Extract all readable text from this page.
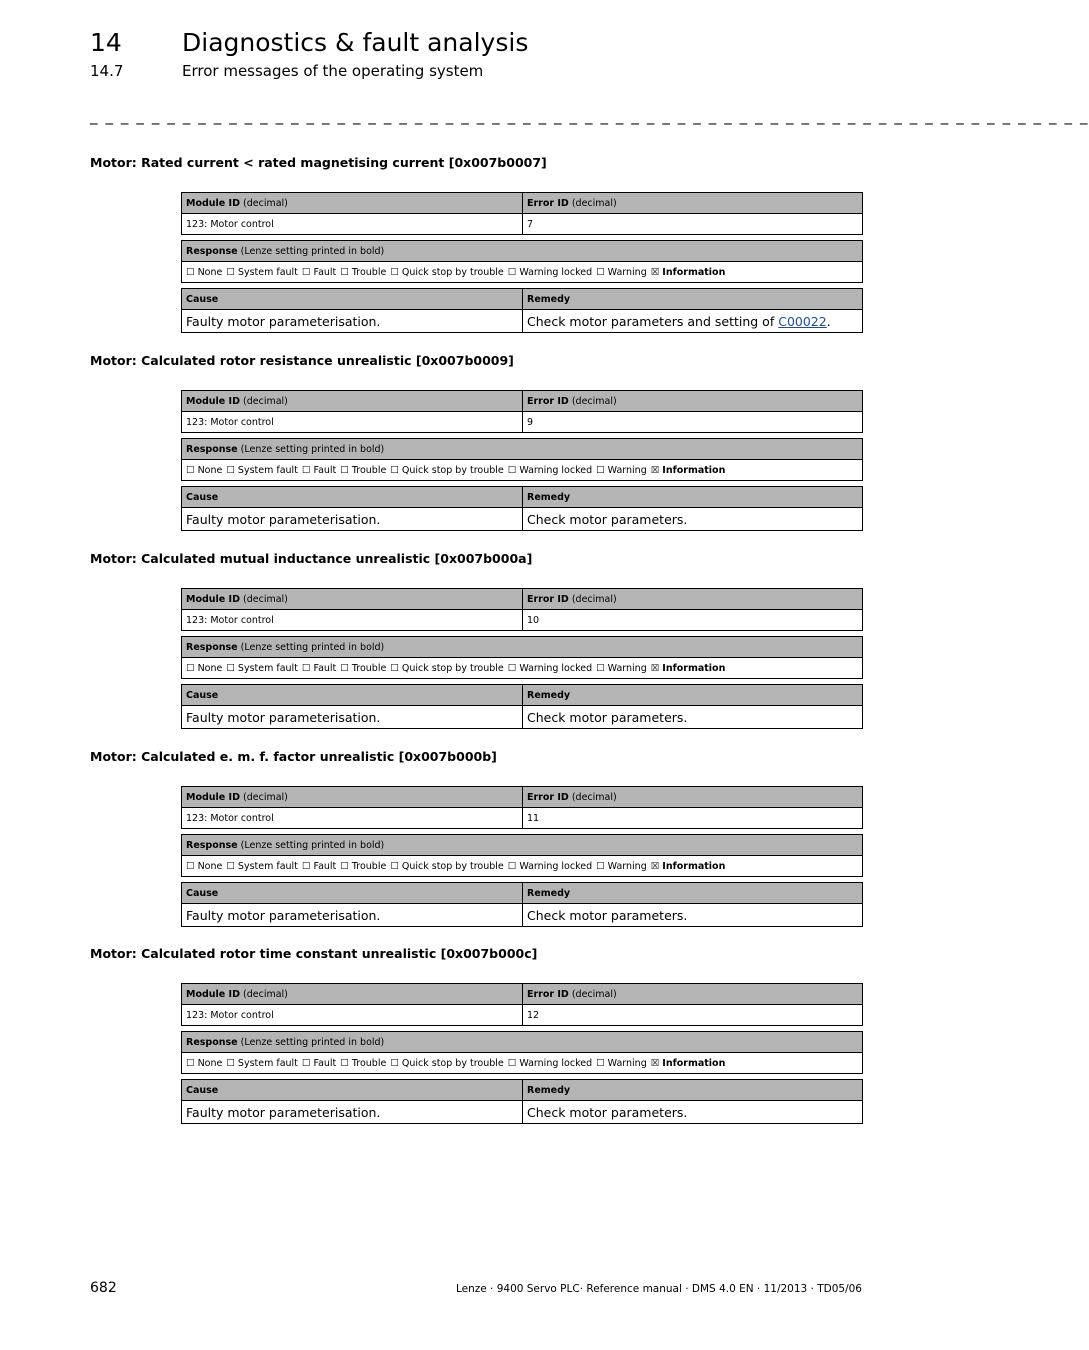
14 Diagnostics & fault analysis
14.7	Error messages of the operating system
_ _ _ _ _ _ _ _ _ _ _ _ _ _ _ _ _ _ _ _ _ _ _ _ _ _ _ _ _ _ _ _ _ _ _ _ _ _ _ _ _ _ _ _ _ _ _ _ _ _ _ _ _ _ _ _ _ _ _ _ _ _ _ _ _
Motor: Rated current < rated magnetising current [0x007b0007]
Module ID (decimal)	Error ID (decimal)
123: Motor control	7
Response (Lenze setting printed in bold)
☐ None ☐ System fault ☐ Fault ☐ Trouble ☐ Quick stop by trouble ☐ Warning locked ☐ Warning ☒ Information
Cause	Remedy
Faulty motor parameterisation.	Check motor parameters and setting of C00022.
Motor: Calculated rotor resistance unrealistic [0x007b0009]
Module ID (decimal)	Error ID (decimal)
123: Motor control	9
Response (Lenze setting printed in bold)
☐ None ☐ System fault ☐ Fault ☐ Trouble ☐ Quick stop by trouble ☐ Warning locked ☐ Warning ☒ Information
Cause	Remedy
Faulty motor parameterisation.	Check motor parameters.
Motor: Calculated mutual inductance unrealistic [0x007b000a]
Module ID (decimal)	Error ID (decimal)
123: Motor control	10
Response (Lenze setting printed in bold)
☐ None ☐ System fault ☐ Fault ☐ Trouble ☐ Quick stop by trouble ☐ Warning locked ☐ Warning ☒ Information
Cause	Remedy
Faulty motor parameterisation.	Check motor parameters.
Motor: Calculated e. m. f. factor unrealistic [0x007b000b]
Module ID (decimal)	Error ID (decimal)
123: Motor control	11
Response (Lenze setting printed in bold)
☐ None ☐ System fault ☐ Fault ☐ Trouble ☐ Quick stop by trouble ☐ Warning locked ☐ Warning ☒ Information
Cause	Remedy
Faulty motor parameterisation.	Check motor parameters.
Motor: Calculated rotor time constant unrealistic [0x007b000c]
Module ID (decimal)	Error ID (decimal)
123: Motor control	12
Response (Lenze setting printed in bold)
☐ None ☐ System fault ☐ Fault ☐ Trouble ☐ Quick stop by trouble ☐ Warning locked ☐ Warning ☒ Information
Cause	Remedy
Faulty motor parameterisation.	Check motor parameters.
682	Lenze · 9400 Servo PLC· Reference manual · DMS 4.0 EN · 11/2013 · TD05/06
